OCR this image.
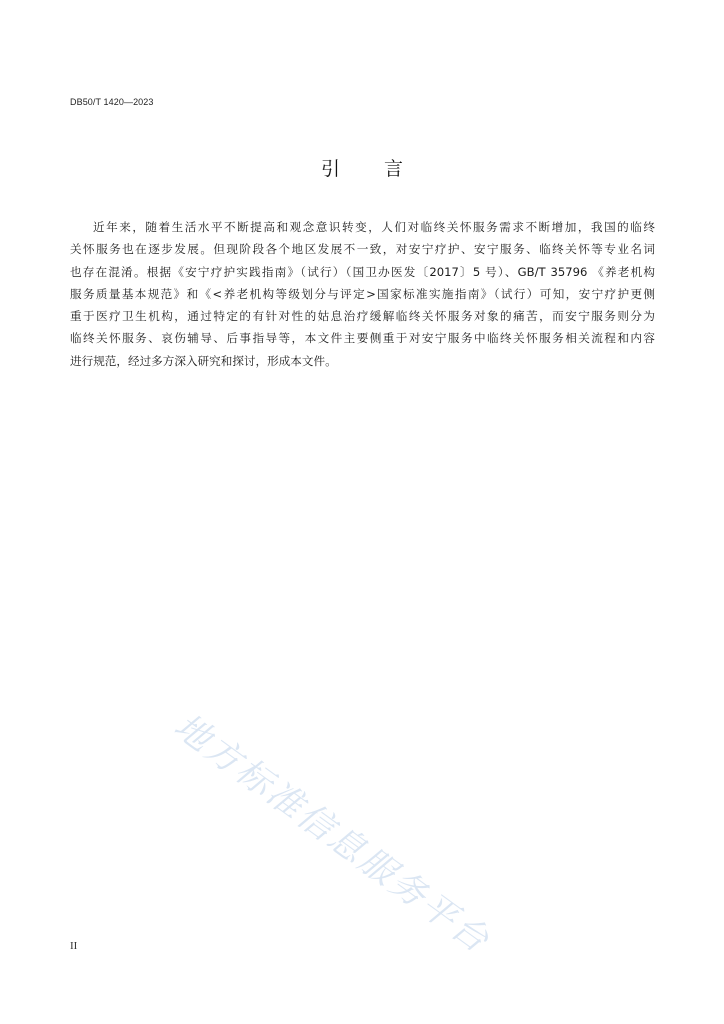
DB50/T 1420—2023
引 言
近年来，随着生活水平不断提高和观念意识转变，人们对临终关怀服务需求不断增加，我国的临终
关怀服务也在逐步发展。但现阶段各个地区发展不一致，对安宁疗护、安宁服务、临终关怀等专业名词
也存在混淆。根据《安宁疗护实践指南》（试行）（国卫办医发〔2017〕5 号）、GB/T 35796 《养老机构
服务质量基本规范》和《<养老机构等级划分与评定>国家标准实施指南》（试行）可知，安宁疗护更侧
重于医疗卫生机构，通过特定的有针对性的姑息治疗缓解临终关怀服务对象的痛苦，而安宁服务则分为
临终关怀服务、哀伤辅导、后事指导等，本文件主要侧重于对安宁服务中临终关怀服务相关流程和内容
进行规范，经过多方深入研究和探讨，形成本文件。
地方标准信息服务平台
II
